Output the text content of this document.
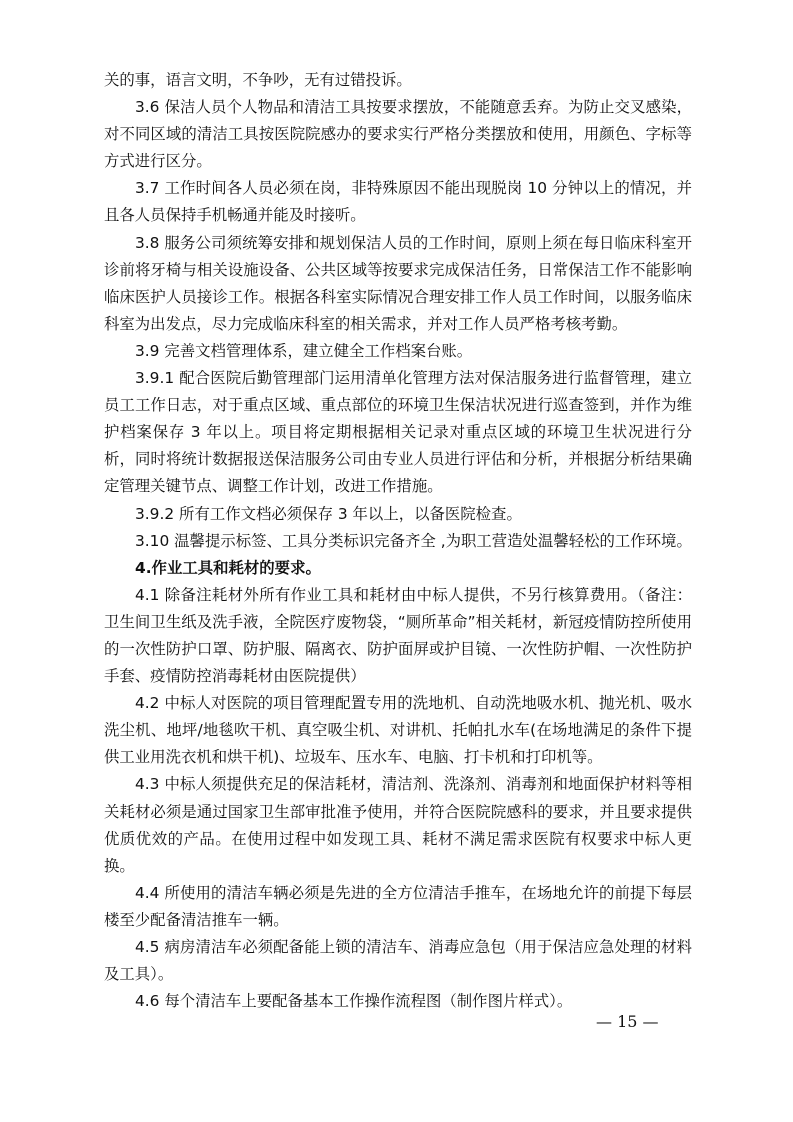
关的事，语言文明，不争吵，无有过错投诉。

3.6 保洁人员个人物品和清洁工具按要求摆放，不能随意丢弃。为防止交叉感染，对不同区域的清洁工具按医院院感办的要求实行严格分类摆放和使用，用颜色、字标等方式进行区分。

3.7 工作时间各人员必须在岗，非特殊原因不能出现脱岗 10 分钟以上的情况，并且各人员保持手机畅通并能及时接听。

3.8 服务公司须统筹安排和规划保洁人员的工作时间，原则上须在每日临床科室开诊前将牙椅与相关设施设备、公共区域等按要求完成保洁任务，日常保洁工作不能影响临床医护人员接诊工作。根据各科室实际情况合理安排工作人员工作时间，以服务临床科室为出发点，尽力完成临床科室的相关需求，并对工作人员严格考核考勤。

3.9 完善文档管理体系，建立健全工作档案台账。

3.9.1 配合医院后勤管理部门运用清单化管理方法对保洁服务进行监督管理，建立员工工作日志，对于重点区域、重点部位的环境卫生保洁状况进行巡查签到，并作为维护档案保存 3 年以上。项目将定期根据相关记录对重点区域的环境卫生状况进行分析，同时将统计数据报送保洁服务公司由专业人员进行评估和分析，并根据分析结果确定管理关键节点、调整工作计划，改进工作措施。

3.9.2 所有工作文档必须保存 3 年以上，以备医院检查。

3.10 温馨提示标签、工具分类标识完备齐全 ,为职工营造处温馨轻松的工作环境。

4.作业工具和耗材的要求。

4.1 除备注耗材外所有作业工具和耗材由中标人提供，不另行核算费用。（备注：卫生间卫生纸及洗手液，全院医疗废物袋，“厕所革命”相关耗材，新冠疫情防控所使用的一次性防护口罩、防护服、隔离衣、防护面屏或护目镜、一次性防护帽、一次性防护手套、疫情防控消毒耗材由医院提供）

4.2 中标人对医院的项目管理配置专用的洗地机、自动洗地吸水机、抛光机、吸水洗尘机、地坪/地毯吹干机、真空吸尘机、对讲机、托帕扎水车(在场地满足的条件下提供工业用洗衣机和烘干机)、垃圾车、压水车、电脑、打卡机和打印机等。

4.3 中标人须提供充足的保洁耗材，清洁剂、洗涤剂、消毒剂和地面保护材料等相关耗材必须是通过国家卫生部审批准予使用，并符合医院院感科的要求，并且要求提供优质优效的产品。在使用过程中如发现工具、耗材不满足需求医院有权要求中标人更换。

4.4 所使用的清洁车辆必须是先进的全方位清洁手推车，在场地允许的前提下每层楼至少配备清洁推车一辆。

4.5 病房清洁车必须配备能上锁的清洁车、消毒应急包（用于保洁应急处理的材料及工具）。

4.6 每个清洁车上要配备基本工作操作流程图（制作图片样式）。

— 15 —
